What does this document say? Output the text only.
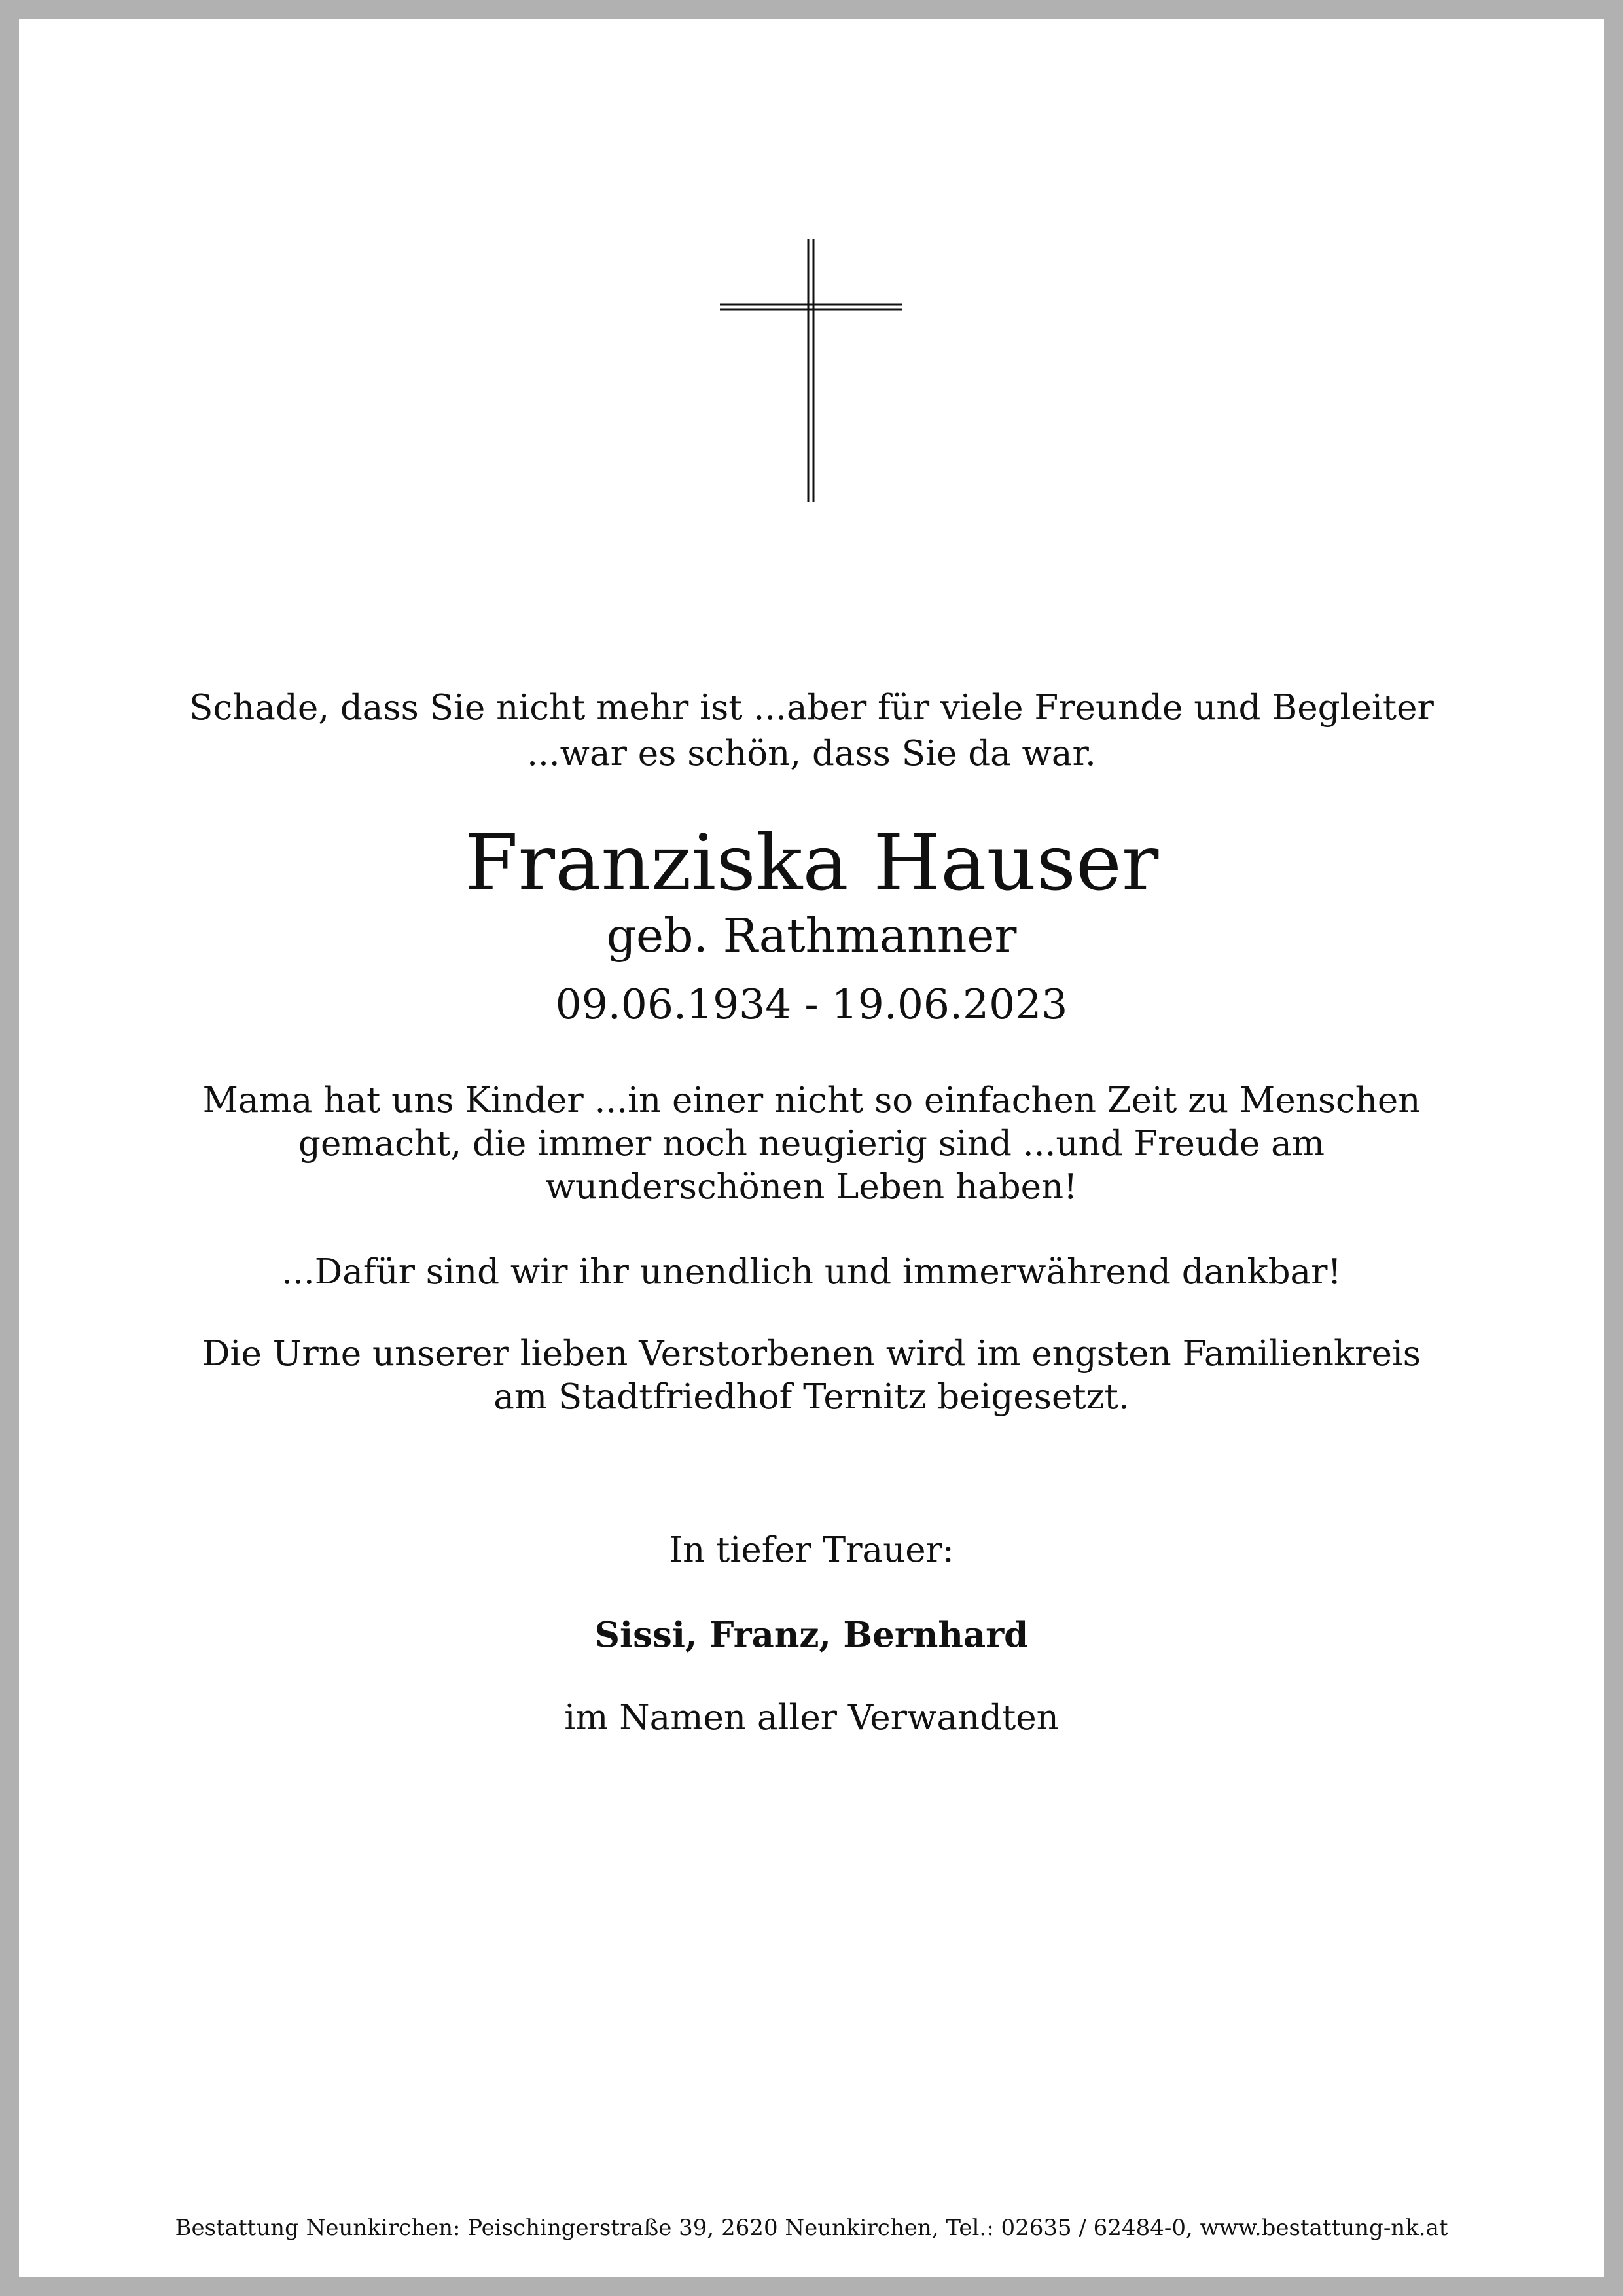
Schade, dass Sie nicht mehr ist ...aber für viele Freunde und Begleiter
...war es schön, dass Sie da war.
Franziska Hauser
geb. Rathmanner
09.06.1934 - 19.06.2023
Mama hat uns Kinder ...in einer nicht so einfachen Zeit zu Menschen
gemacht, die immer noch neugierig sind ...und Freude am
wunderschönen Leben haben!
...Dafür sind wir ihr unendlich und immerwährend dankbar!
Die Urne unserer lieben Verstorbenen wird im engsten Familienkreis
am Stadtfriedhof Ternitz beigesetzt.
In tiefer Trauer:
Sissi, Franz, Bernhard
im Namen aller Verwandten
Bestattung Neunkirchen: Peischingerstraße 39, 2620 Neunkirchen, Tel.: 02635 / 62484-0, www.bestattung-nk.at
